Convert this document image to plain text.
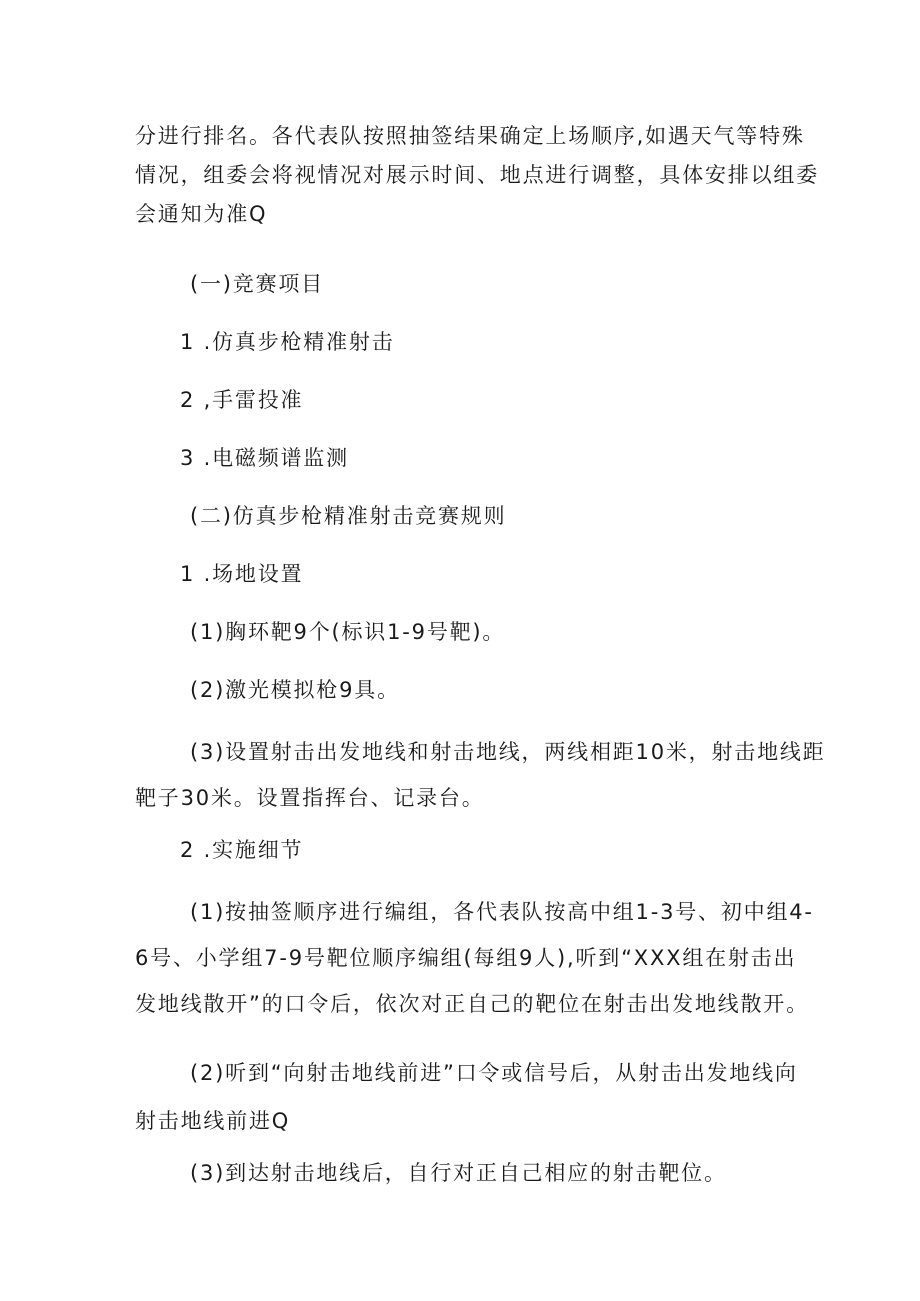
分进行排名。各代表队按照抽签结果确定上场顺序,如遇天气等特殊
情况，组委会将视情况对展示时间、地点进行调整，具体安排以组委
会通知为准Q

(一)竞赛项目

1 .仿真步枪精准射击

2 ,手雷投准

3 .电磁频谱监测

(二)仿真步枪精准射击竞赛规则

1 .场地设置

(1)胸环靶9个(标识1-9号靶)。

(2)激光模拟枪9具。

(3)设置射击出发地线和射击地线，两线相距10米，射击地线距
靶子30米。设置指挥台、记录台。

2 .实施细节

(1)按抽签顺序进行编组，各代表队按高中组1-3号、初中组4-
6号、小学组7-9号靶位顺序编组(每组9人),听到“XXX组在射击出
发地线散开”的口令后，依次对正自己的靶位在射击出发地线散开。
(2)听到“向射击地线前进”口令或信号后，从射击出发地线向
射击地线前进Q

(3)到达射击地线后，自行对正自己相应的射击靶位。
